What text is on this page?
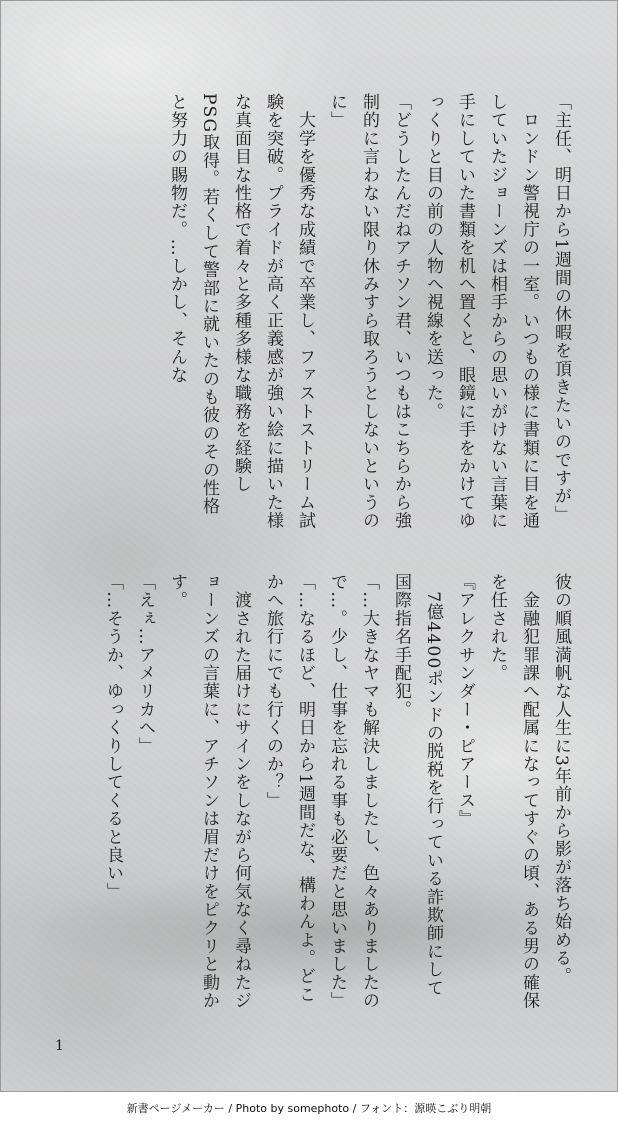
「主任、明日から1週間の休暇を頂きたいのですが」

　ロンドン警視庁の一室。いつもの様に書類に目を通していたジョーンズは相手からの思いがけない言葉に手にしていた書類を机へ置くと、眼鏡に手をかけてゆっくりと目の前の人物へ視線を送った。

「どうしたんだねアチソン君、いつもはこちらから強制的に言わない限り休みすら取ろうとしないというのに」

　大学を優秀な成績で卒業し、ファストストリーム試験を突破。プライドが高く正義感が強い絵に描いた様な真面目な性格で着々と多種多様な職務を経験しPSG取得。若くして警部に就いたのも彼のその性格と努力の賜物だ。…しかし、そんな

彼の順風満帆な人生に3年前から影が落ち始める。

　金融犯罪課へ配属になってすぐの頃、ある男の確保を任された。

『アレクサンダー・ピアース』

　7億4400ポンドの脱税を行っている詐欺師にして国際指名手配犯。

「…大きなヤマも解決しましたし、色々ありましたので…。少し、仕事を忘れる事も必要だと思いました」

「…なるほど、明日から1週間だな、構わんよ。どこかへ旅行にでも行くのか？」

　渡された届けにサインをしながら何気なく尋ねたジョーンズの言葉に、アチソンは眉だけをピクリと動かす。

「えぇ…アメリカへ」

「…そうか、ゆっくりしてくると良い」

1
新書ページメーカー / Photo by somephoto / フォント：源暎こぶり明朝
